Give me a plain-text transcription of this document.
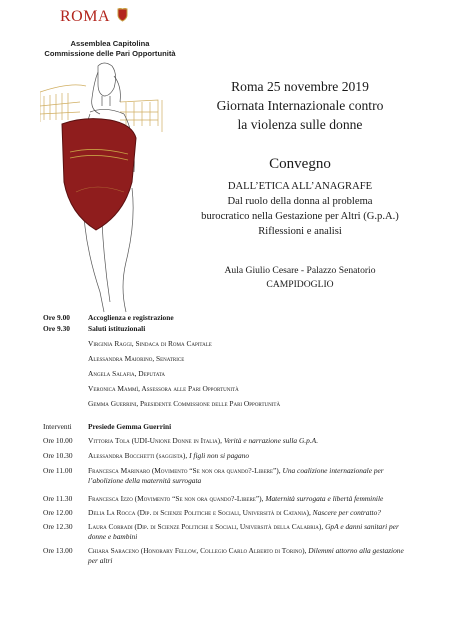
ROMA
Assemblea Capitolina
Commissione delle Pari Opportunità
Roma 25 novembre 2019
Giornata Internazionale contro
la violenza sulle donne
Convegno
DALL’ETICA ALL’ANAGRAFE
Dal ruolo della donna al problema
burocratico nella Gestazione per Altri (G.p.A.)
Riflessioni e analisi
Aula Giulio Cesare - Palazzo Senatorio
CAMPIDOGLIO
Ore 9.00 Accoglienza e registrazione
Ore 9.30 Saluti istituzionali
Virginia Raggi, Sindaca di Roma Capitale
Alessandra Maiorino, Senatrice
Angela Salafia, Deputata
Veronica Mammì, Assessora alle Pari Opportunità
Gemma Guerrini, Presidente Commissione delle Pari Opportunità
Interventi Presiede Gemma Guerrini
Ore 10.00 Vittoria Tola (UDI-Unione Donne in Italia), Verità e narrazione sulla G.p.A.
Ore 10.30 Alessandra Bocchetti (saggista), I figli non si pagano
Ore 11.00 Francesca Marinaro (Movimento “Se non ora quando?-Libere”), Una coalizione internazionale per l’abolizione della maternità surrogata
Ore 11.30 Francesca Izzo (Movimento “Se non ora quando?-Libere”), Maternità surrogata e libertà femminile
Ore 12.00 Delia La Rocca (Dip. di Scienze Politiche e Sociali, Università di Catania), Nascere per contratto?
Ore 12.30 Laura Corradi (Dip. di Scienze Politiche e Sociali, Università della Calabria), GpA e danni sanitari per donne e bambini
Ore 13.00 Chiara Saraceno (Honorary Fellow, Collegio Carlo Alberto di Torino), Dilemmi attorno alla gestazione per altri
